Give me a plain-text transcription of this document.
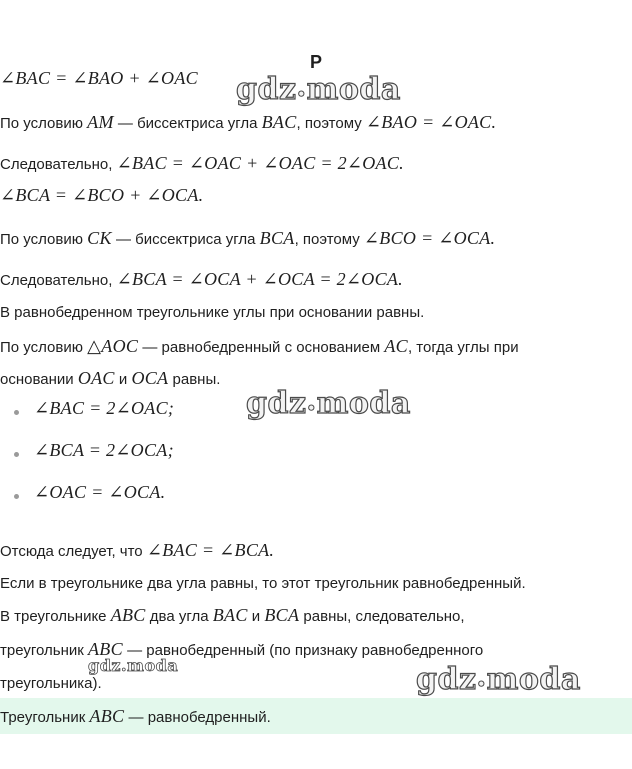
Р
∠BAC = ∠BAO + ∠OAC
По условию AM — биссектриса угла BAC, поэтому ∠BAO = ∠OAC.
Следовательно, ∠BAC = ∠OAC + ∠OAC = 2∠OAC.
∠BCA = ∠BCO + ∠OCA.
По условию CK — биссектриса угла BCA, поэтому ∠BCO = ∠OCA.
Следовательно, ∠BCA = ∠OCA + ∠OCA = 2∠OCA.
В равнобедренном треугольнике углы при основании равны.
По условию △AOC — равнобедренный с основанием AC, тогда углы при
основании OAC и OCA равны.
∠BAC = 2∠OAC;
∠BCA = 2∠OCA;
∠OAC = ∠OCA.
Отсюда следует, что ∠BAC = ∠BCA.
Если в треугольнике два угла равны, то этот треугольник равнобедренный.
В треугольнике ABC два угла BAC и BCA равны, следовательно,
треугольник ABC — равнобедренный (по признаку равнобедренного
треугольника).
Треугольник ABC — равнобедренный.
gdz•moda
gdz•moda
gdz•moda
gdz.moda
